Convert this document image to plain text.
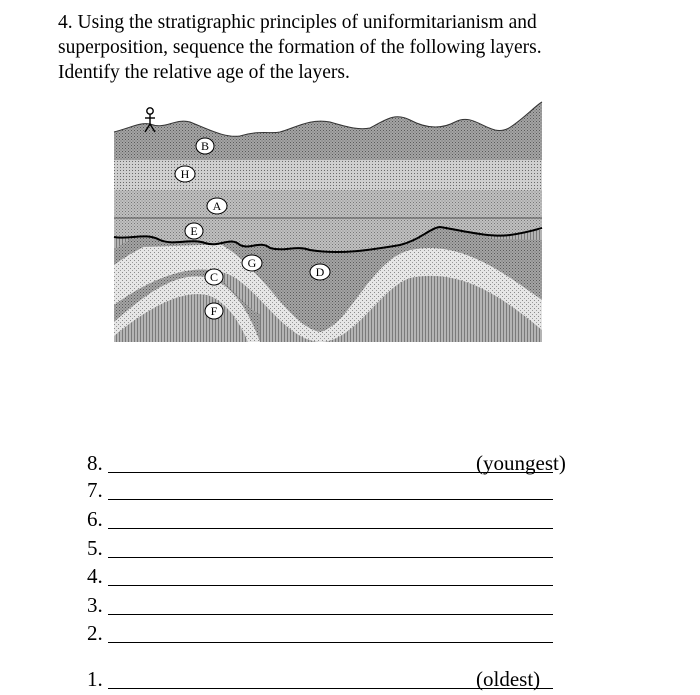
4. Using the stratigraphic principles of uniformitarianism and
superposition, sequence the formation of the following layers.
Identify the relative age of the layers.
B
H
A
E
G
D
C
F
8.	(youngest)
7.
6.
5.
4.
3.
2.
1.	(oldest)
